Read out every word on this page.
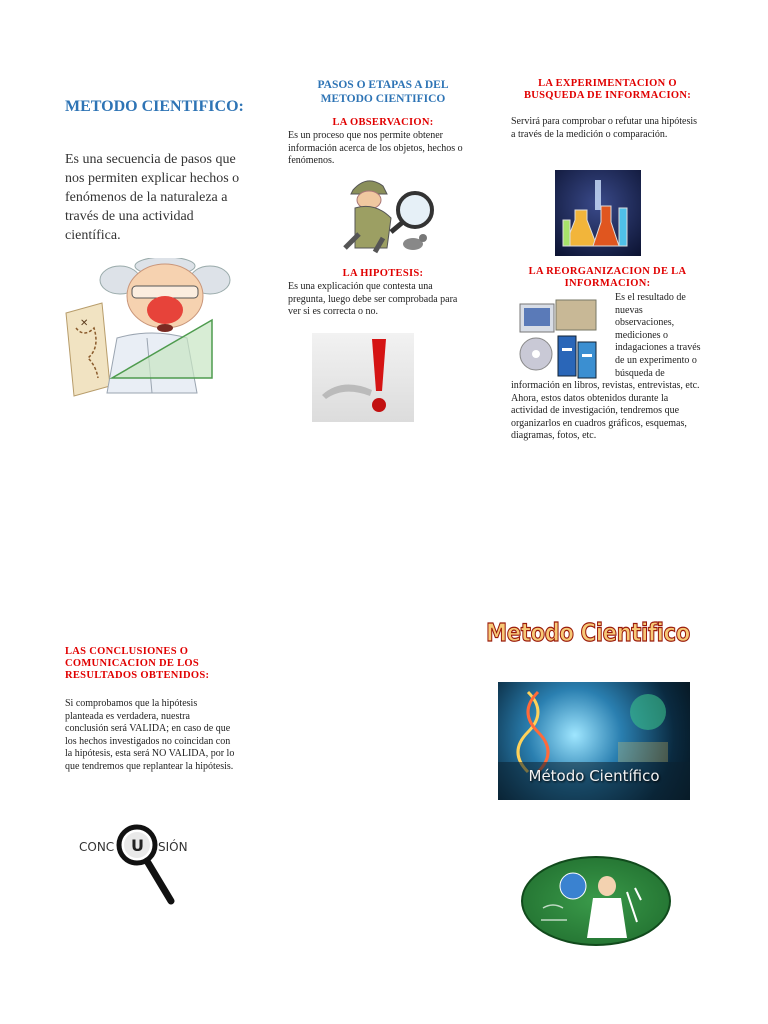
METODO CIENTIFICO:
Es una secuencia de pasos que nos permiten explicar hechos o fenómenos de la naturaleza a través de una actividad científica.
✕
PASOS O ETAPAS A DEL
METODO CIENTIFICO
LA OBSERVACION:
Es un proceso que nos permite obtener información acerca de los objetos, hechos o fenómenos.
LA HIPOTESIS:
Es una explicación que contesta una pregunta, luego debe ser comprobada para ver si es correcta o no.
LA EXPERIMENTACION O
BUSQUEDA DE INFORMACION:
Servirá para comprobar o refutar una hipótesis a través de la medición o comparación.
LA REORGANIZACION DE LA
INFORMACION:
Es el resultado de nuevas observaciones, mediciones o indagaciones a través de un experimento o búsqueda de
información en libros, revistas, entrevistas, etc. Ahora, estos datos obtenidos durante la actividad de investigación, tendremos que organizarlos en cuadros gráficos, esquemas, diagramas, fotos, etc.
LAS CONCLUSIONES O
COMUNICACION DE LOS
RESULTADOS OBTENIDOS:
Si comprobamos que la hipótesis planteada es verdadera, nuestra conclusión será VALIDA; en caso de que los hechos investigados no coincidan con la hipótesis, esta será NO VALIDA, por lo que tendremos que replantear la hipótesis.
U
CONC	SIÓN
Metodo Cientifico
Método Científico
